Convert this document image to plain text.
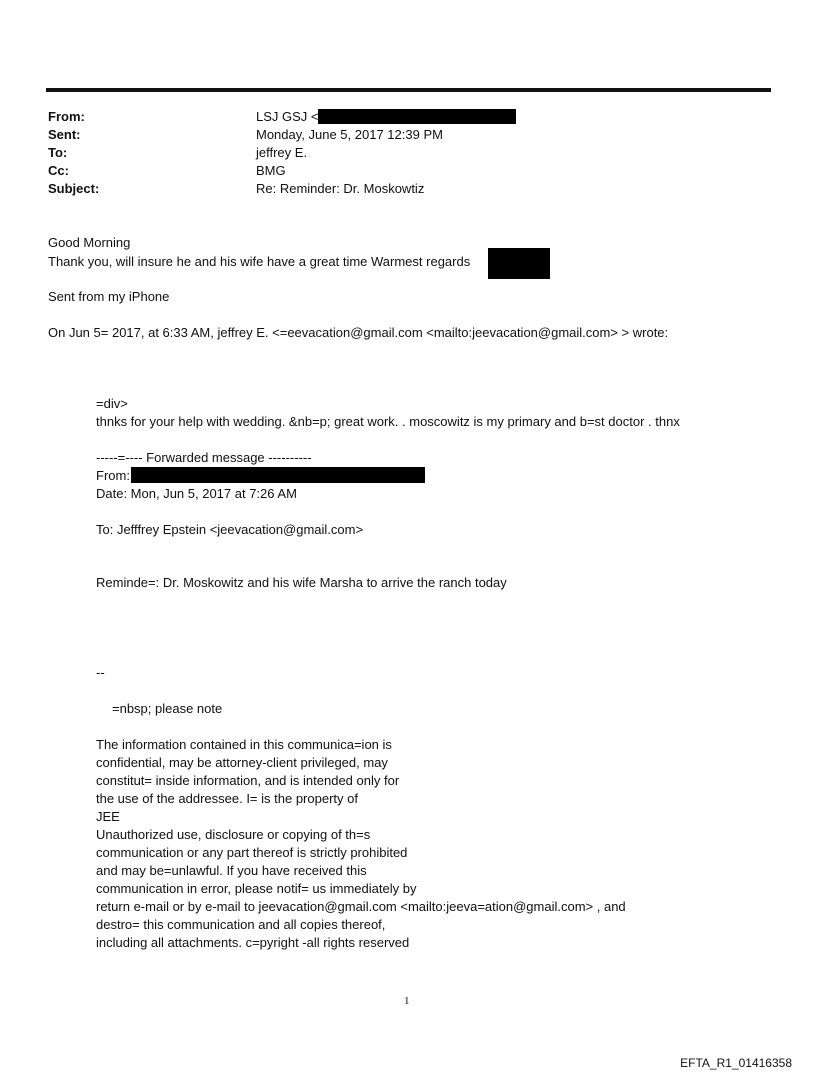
From:	LSJ GSJ <
Sent:	Monday, June 5, 2017 12:39 PM
To:	jeffrey E.
Cc:	BMG
Subject:	Re: Reminder: Dr. Moskowtiz
Good Morning
Thank you, will insure he and his wife have a great time Warmest regards
Sent from my iPhone
On Jun 5= 2017, at 6:33 AM, jeffrey E. <=eevacation@gmail.com <mailto:jeevacation@gmail.com> > wrote:
=div>
thnks for your help with wedding. &nb=p; great work. . moscowitz is my primary and b=st doctor . thnx
-----=---- Forwarded message ----------
From:
Date: Mon, Jun 5, 2017 at 7:26 AM
To: Jefffrey Epstein <jeevacation@gmail.com>
Reminde=: Dr. Moskowitz and his wife Marsha to arrive the ranch today
--
=nbsp; please note
The information contained in this communica=ion is
confidential, may be attorney-client privileged, may
constitut= inside information, and is intended only for
the use of the addressee. I= is the property of
JEE
Unauthorized use, disclosure or copying of th=s
communication or any part thereof is strictly prohibited
and may be=unlawful. If you have received this
communication in error, please notif= us immediately by
return e-mail or by e-mail to jeevacation@gmail.com <mailto:jeeva=ation@gmail.com> , and
destro= this communication and all copies thereof,
including all attachments. c=pyright -all rights reserved
1
EFTA_R1_01416358
